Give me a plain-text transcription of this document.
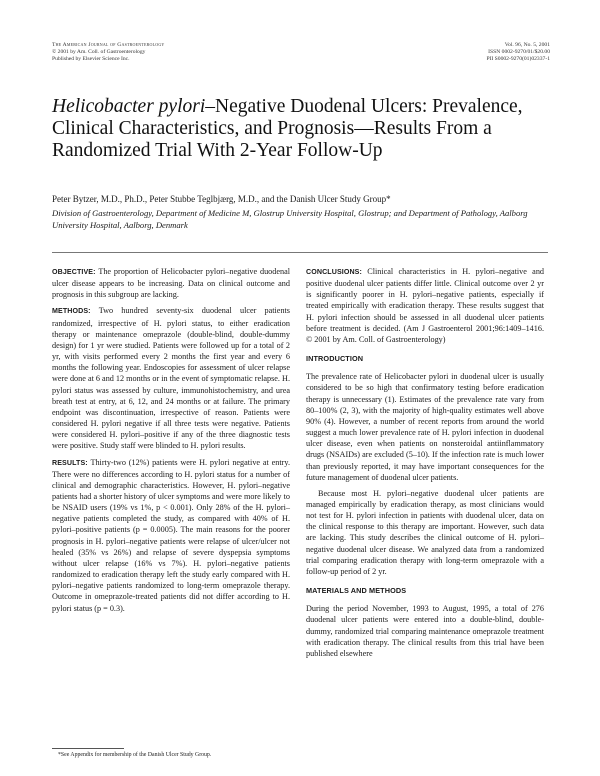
The American Journal of Gastroenterology
© 2001 by Am. Coll. of Gastroenterology
Published by Elsevier Science Inc.
Vol. 96, No. 5, 2001
ISSN 0002-9270/01/$20.00
PII S0002-9270(01)02337-1
Helicobacter pylori–Negative Duodenal Ulcers: Prevalence, Clinical Characteristics, and Prognosis—Results From a Randomized Trial With 2-Year Follow-Up
Peter Bytzer, M.D., Ph.D., Peter Stubbe Teglbjærg, M.D., and the Danish Ulcer Study Group*
Division of Gastroenterology, Department of Medicine M, Glostrup University Hospital, Glostrup; and Department of Pathology, Aalborg University Hospital, Aalborg, Denmark

OBJECTIVE: The proportion of Helicobacter pylori–negative duodenal ulcer disease appears to be increasing. Data on clinical outcome and prognosis in this subgroup are lacking.

METHODS: Two hundred seventy-six duodenal ulcer patients randomized, irrespective of H. pylori status, to either eradication therapy or maintenance omeprazole (double-blind, double-dummy design) for 1 yr were studied. Patients were followed up for a total of 2 yr, with visits performed every 2 months the first year and every 6 months the following year. Endoscopies for assessment of ulcer relapse were done at 6 and 12 months or in the event of symptomatic relapse. H. pylori status was assessed by culture, immunohistochemistry, and urea breath test at entry, at 6, 12, and 24 months or at failure. The primary endpoint was discontinuation, irrespective of reason. Patients were considered H. pylori negative if all three tests were negative. Patients were considered H. pylori–positive if any of the three diagnostic tests were positive. Study staff were blinded to H. pylori results.

RESULTS: Thirty-two (12%) patients were H. pylori negative at entry. There were no differences according to H. pylori status for a number of clinical and demographic characteristics. However, H. pylori–negative patients had a shorter history of ulcer symptoms and were more likely to be NSAID users (19% vs 1%, p < 0.001). Only 28% of the H. pylori–negative patients completed the study, as compared with 40% of H. pylori–positive patients (p = 0.0005). The main reasons for the poorer prognosis in H. pylori–negative patients were relapse of ulcer/ulcer not healed (35% vs 26%) and relapse of severe dyspepsia symptoms without ulcer relapse (16% vs 7%). H. pylori–negative patients randomized to eradication therapy left the study early compared with H. pylori–negative patients randomized to long-term omeprazole therapy. Outcome in omeprazole-treated patients did not differ according to H. pylori status (p = 0.3).

CONCLUSIONS: Clinical characteristics in H. pylori–negative and positive duodenal ulcer patients differ little. Clinical outcome over 2 yr is significantly poorer in H. pylori–negative patients, especially if treated empirically with eradication therapy. These results suggest that H. pylori infection should be assessed in all duodenal ulcer patients before treatment is decided. (Am J Gastroenterol 2001;96:1409–1416. © 2001 by Am. Coll. of Gastroenterology)

INTRODUCTION

The prevalence rate of Helicobacter pylori in duodenal ulcer is usually considered to be so high that confirmatory testing before eradication therapy is unnecessary (1). Estimates of the prevalence rate vary from 80–100% (2, 3), with the majority of high-quality estimates well above 90% (4). However, a number of recent reports from around the world suggest a much lower prevalence rate of H. pylori infection in duodenal ulcer disease, even when patients on nonsteroidal antiinflammatory drugs (NSAIDs) are excluded (5–10). If the infection rate is much lower than previously reported, it may have important consequences for the future management of duodenal ulcer patients.

Because most H. pylori–negative duodenal ulcer patients are managed empirically by eradication therapy, as most clinicians would not test for H. pylori infection in patients with duodenal ulcer, data on the clinical response to this therapy are important. However, such data are lacking. This study describes the clinical outcome of H. pylori–negative duodenal ulcer disease. We analyzed data from a randomized trial comparing eradication therapy with long-term omeprazole with a follow-up period of 2 yr.

MATERIALS AND METHODS

During the period November, 1993 to August, 1995, a total of 276 duodenal ulcer patients were entered into a double-blind, double-dummy, randomized trial comparing maintenance omeprazole treatment with eradication therapy. The clinical results from this trial have been published elsewhere

*See Appendix for membership of the Danish Ulcer Study Group.
